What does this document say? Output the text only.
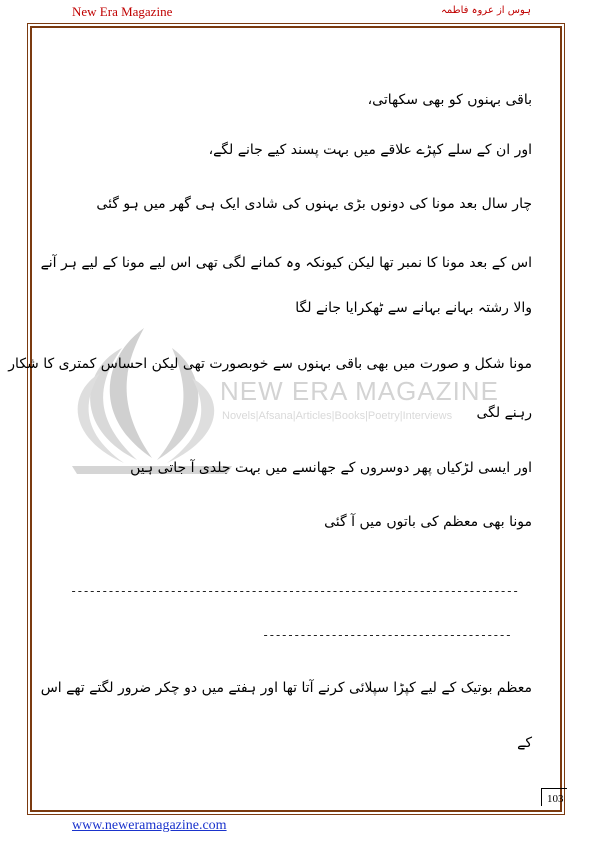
New Era Magazine	ہوس از عروہ فاطمہ
NEW ERA MAGAZINE
Novels|Afsana|Articles|Books|Poetry|Interviews
باقی بہنوں کو بھی سکھاتی،
اور ان کے سلے کپڑے علاقے میں بہت پسند کیے جانے لگے،
چار سال بعد مونا کی دونوں بڑی بہنوں کی شادی ایک ہی گھر میں ہو گئی
اس کے بعد مونا کا نمبر تھا لیکن کیونکہ وہ کمانے لگی تھی اس لیے مونا کے لیے ہر آنے
والا رشتہ بہانے بہانے سے ٹھکرایا جانے لگا
مونا شکل و صورت میں بھی باقی بہنوں سے خوبصورت تھی لیکن احساس کمتری کا شکار
رہنے لگی
اور ایسی لڑکیاں پھر دوسروں کے جھانسے میں بہت جلدی آ جاتی ہیں
مونا بھی معظم کی باتوں میں آ گئی
------------------------------------------------------------------------
----------------------------------------
معظم بوتیک کے لیے کپڑا سپلائی کرنے آتا تھا اور ہفتے میں دو چکر ضرور لگتے تھے اس
کے
103
www.neweramagazine.com
